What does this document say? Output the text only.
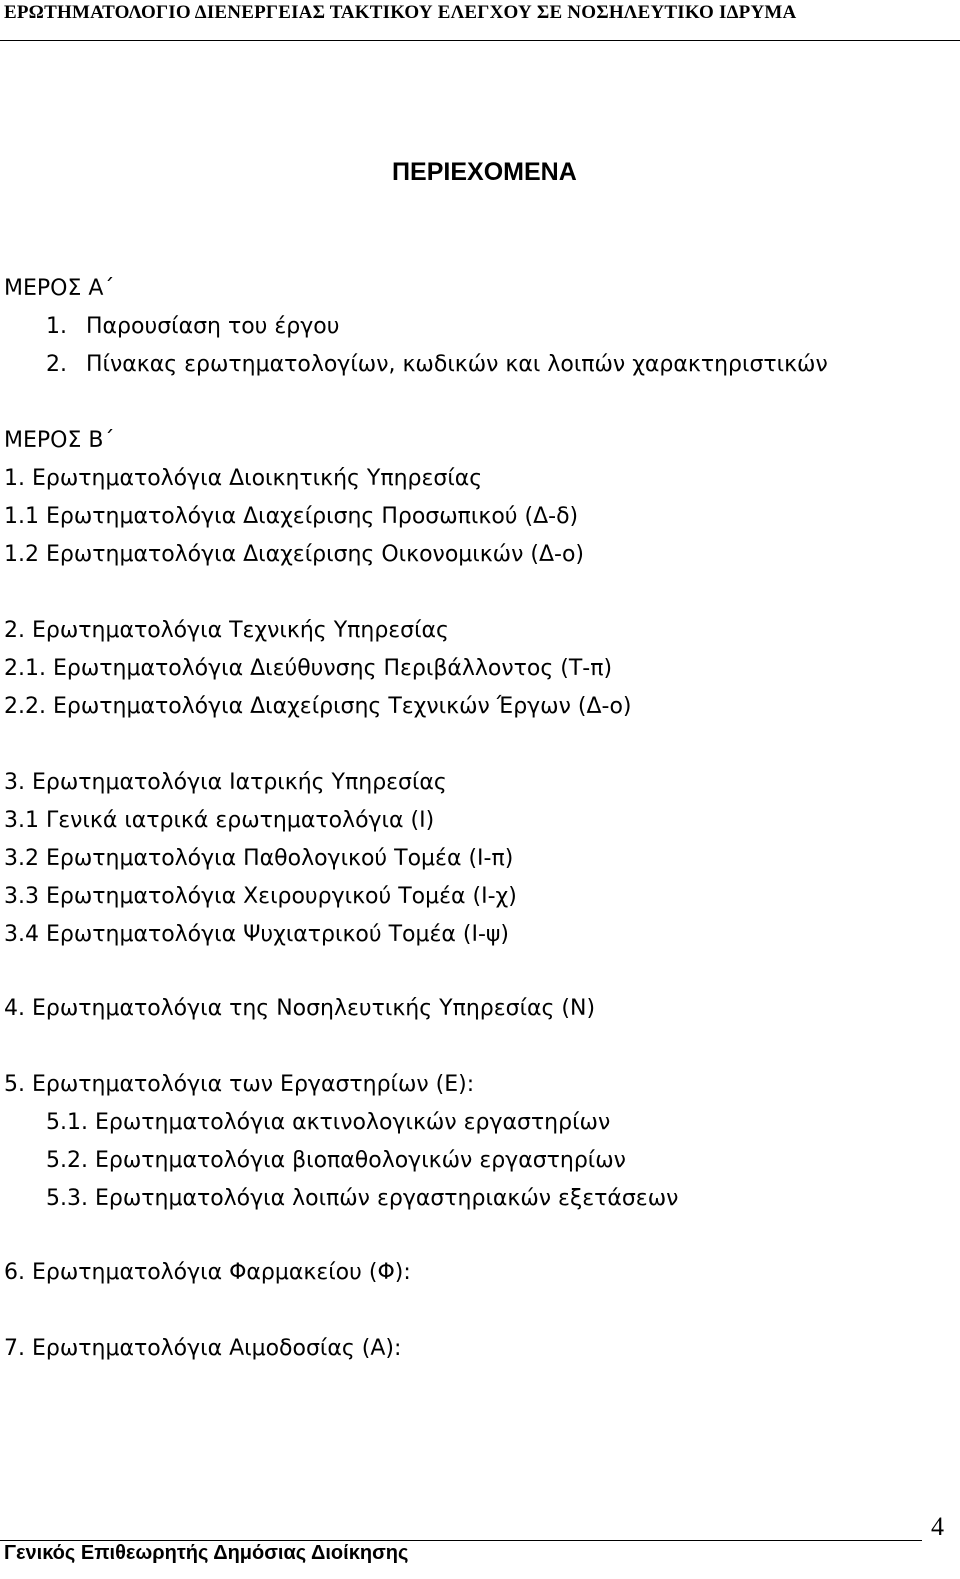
ΕΡΩΤΗΜΑΤΟΛΟΓΙΟ ΔΙΕΝΕΡΓΕΙΑΣ ΤΑΚΤΙΚΟΥ ΕΛΕΓΧΟΥ ΣΕ ΝΟΣΗΛΕΥΤΙΚΟ ΙΔΡΥΜΑ
ΠΕΡΙΕΧΟΜΕΝΑ
ΜΕΡΟΣ Α΄
1. Παρουσίαση του έργου
2. Πίνακας ερωτηματολογίων, κωδικών και λοιπών χαρακτηριστικών
ΜΕΡΟΣ Β΄
1. Ερωτηματολόγια Διοικητικής Υπηρεσίας
1.1 Ερωτηματολόγια Διαχείρισης Προσωπικού (Δ-δ)
1.2 Ερωτηματολόγια Διαχείρισης Οικονομικών (Δ-ο)
2. Ερωτηματολόγια Τεχνικής Υπηρεσίας
2.1. Ερωτηματολόγια Διεύθυνσης Περιβάλλοντος (Τ-π)
2.2. Ερωτηματολόγια Διαχείρισης Τεχνικών Έργων (Δ-ο)
3. Ερωτηματολόγια Ιατρικής Υπηρεσίας
3.1 Γενικά ιατρικά ερωτηματολόγια (Ι)
3.2 Ερωτηματολόγια Παθολογικού Τομέα (Ι-π)
3.3 Ερωτηματολόγια Χειρουργικού Τομέα (Ι-χ)
3.4 Ερωτηματολόγια Ψυχιατρικού Τομέα (Ι-ψ)
4. Ερωτηματολόγια της Νοσηλευτικής Υπηρεσίας (Ν)
5. Ερωτηματολόγια των Εργαστηρίων (Ε):
5.1. Ερωτηματολόγια ακτινολογικών εργαστηρίων
5.2. Ερωτηματολόγια βιοπαθολογικών εργαστηρίων
5.3. Ερωτηματολόγια λοιπών εργαστηριακών εξετάσεων
6. Ερωτηματολόγια Φαρμακείου (Φ):
7. Ερωτηματολόγια Αιμοδοσίας (Α):
4
Γενικός Επιθεωρητής Δημόσιας Διοίκησης
